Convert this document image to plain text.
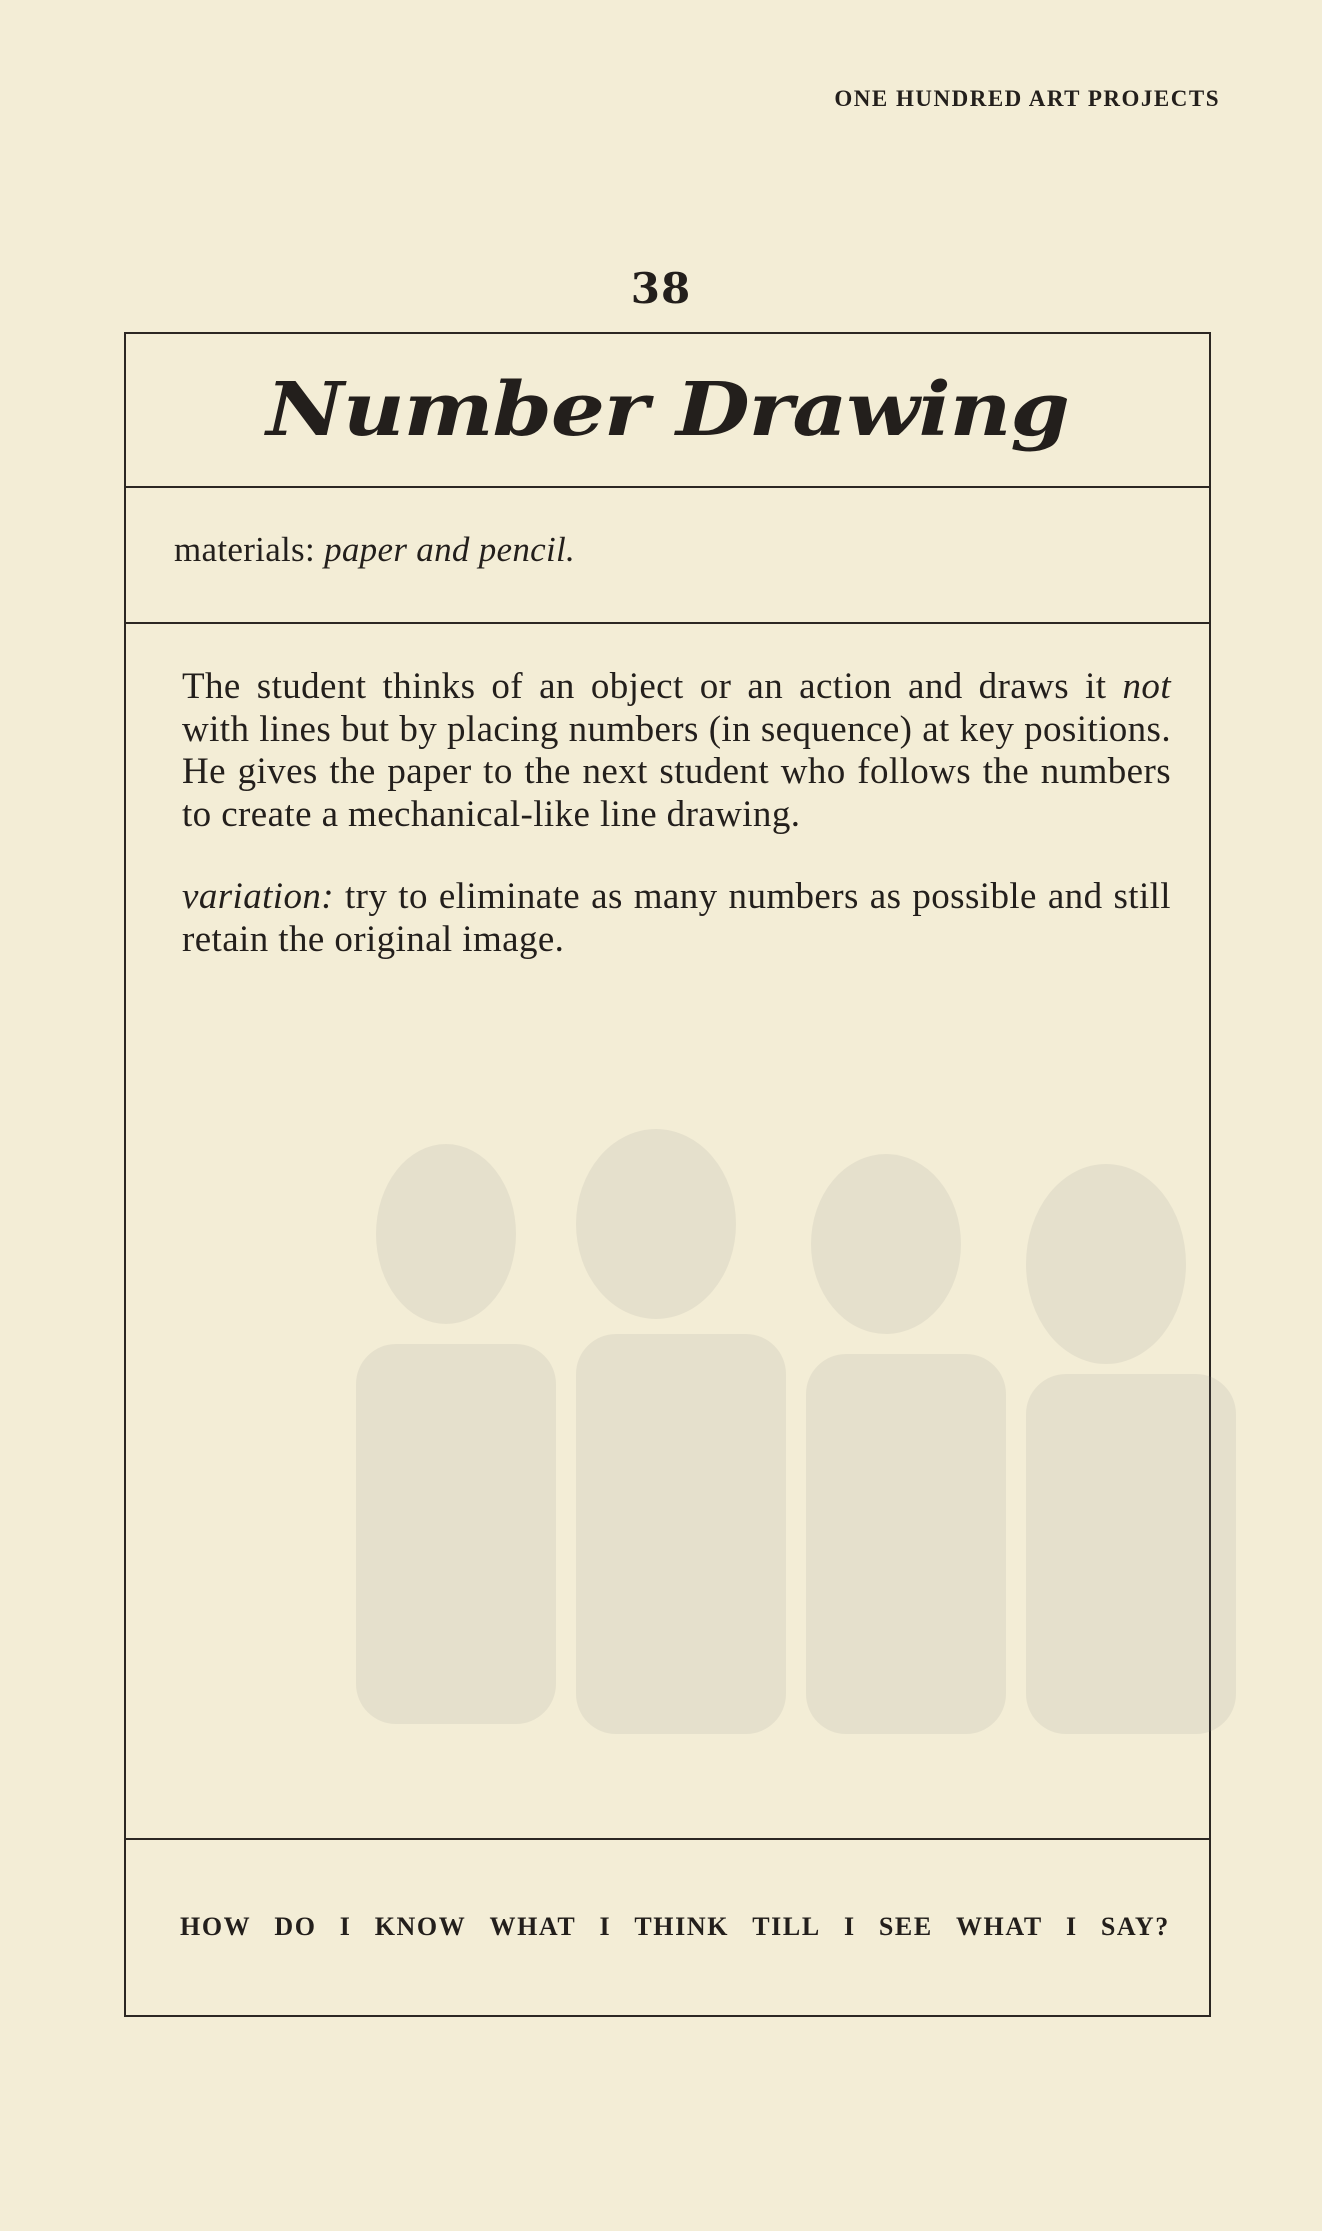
ONE HUNDRED ART PROJECTS
38
Number Drawing
materials: paper and pencil.

The student thinks of an object or an action and draws it not with lines but by placing numbers (in sequence) at key positions. He gives the paper to the next student who follows the numbers to create a mechanical-like line drawing.

variation: try to eliminate as many numbers as possible and still retain the original image.

HOW DO I KNOW WHAT I THINK TILL I SEE WHAT I SAY?
